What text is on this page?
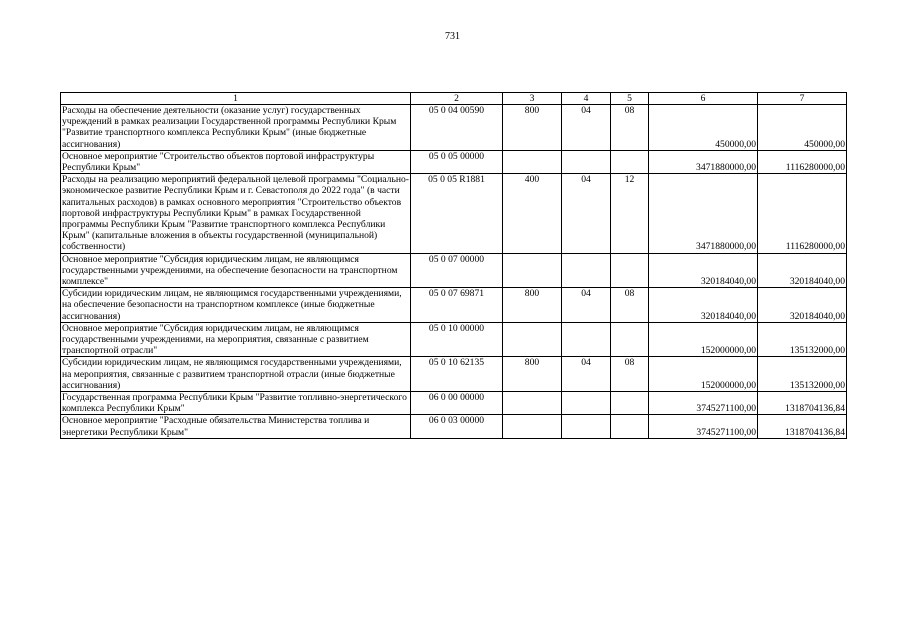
731
1	2	3	4	5	6	7
Расходы на обеспечение деятельности (оказание услуг) государственных учреждений в рамках реализации Государственной программы Республики Крым "Развитие транспортного комплекса Республики Крым" (иные бюджетные ассигнования)	05 0 04 00590	800	04	08	450000,00	450000,00
Основное мероприятие "Строительство объектов портовой инфраструктуры Республики Крым"	05 0 05 00000				3471880000,00	1116280000,00
Расходы на реализацию мероприятий федеральной целевой программы "Социально-экономическое развитие Республики Крым и г. Севастополя до 2022 года" (в части капитальных расходов) в рамках основного мероприятия "Строительство объектов портовой инфраструктуры Республики Крым" в рамках Государственной программы Республики Крым "Развитие транспортного комплекса Республики Крым" (капитальные вложения в объекты государственной (муниципальной) собственности)	05 0 05 R1881	400	04	12	3471880000,00	1116280000,00
Основное мероприятие "Субсидия юридическим лицам, не являющимся государственными учреждениями, на обеспечение безопасности на транспортном комплексе"	05 0 07 00000				320184040,00	320184040,00
Субсидии юридическим лицам, не являющимся государственными учреждениями, на обеспечение безопасности на транспортном комплексе (иные бюджетные ассигнования)	05 0 07 69871	800	04	08	320184040,00	320184040,00
Основное мероприятие "Субсидия юридическим лицам, не являющимся государственными учреждениями, на мероприятия, связанные с развитием транспортной отрасли"	05 0 10 00000				152000000,00	135132000,00
Субсидии юридическим лицам, не являющимся государственными учреждениями, на мероприятия, связанные с развитием транспортной отрасли (иные бюджетные ассигнования)	05 0 10 62135	800	04	08	152000000,00	135132000,00
Государственная программа Республики Крым "Развитие топливно-энергетического комплекса Республики Крым"	06 0 00 00000				3745271100,00	1318704136,84
Основное мероприятие "Расходные обязательства Министерства топлива и энергетики Республики Крым"	06 0 03 00000				3745271100,00	1318704136,84
